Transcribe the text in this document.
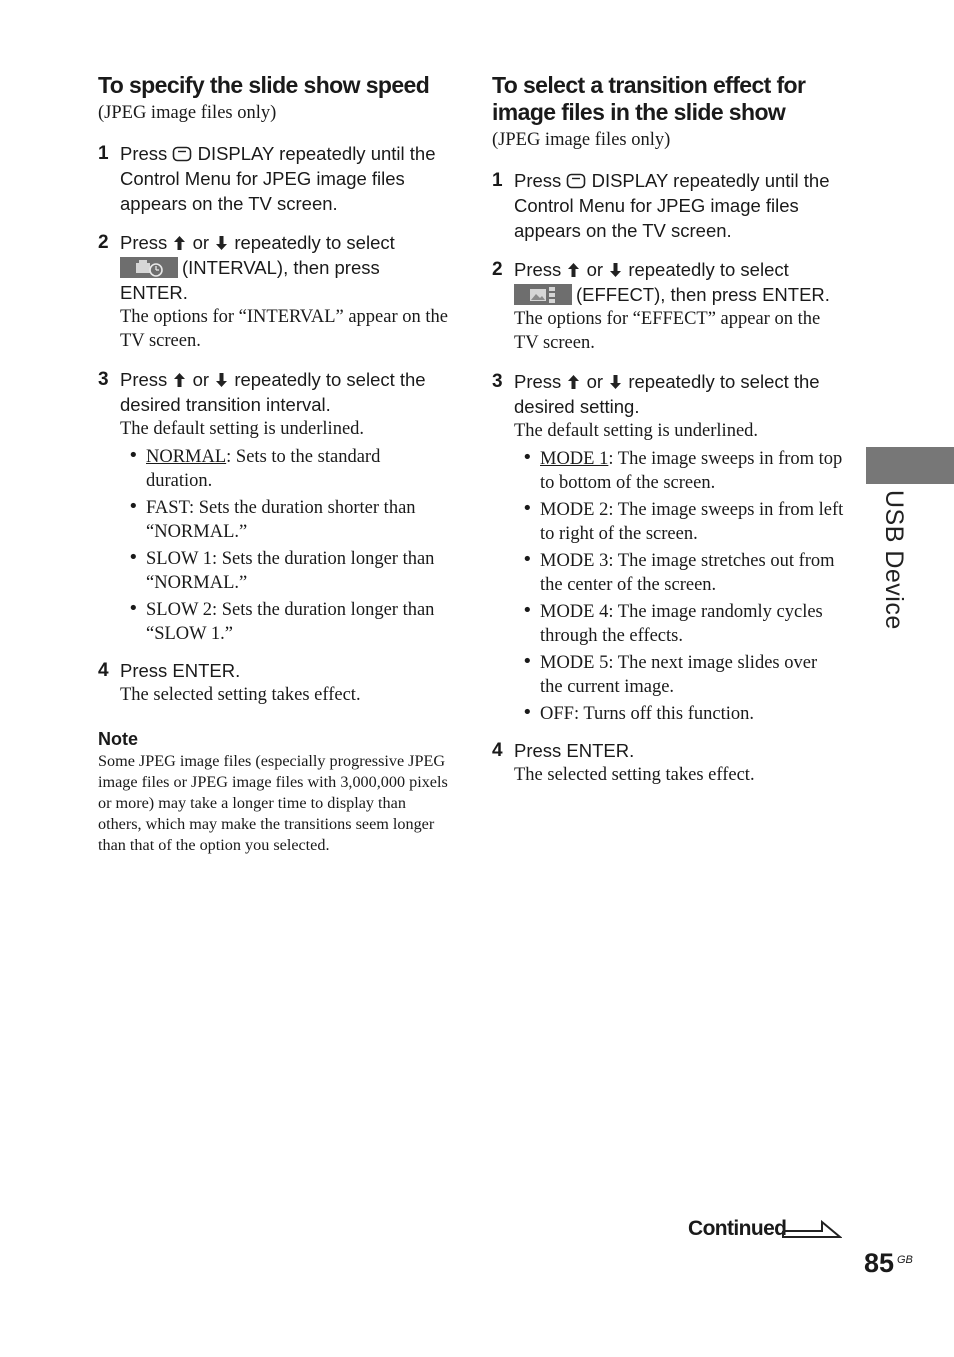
To specify the slide show speed
(JPEG image files only)
1 Press DISPLAY repeatedly until the Control Menu for JPEG image files appears on the TV screen.
2 Press or repeatedly to select
(INTERVAL), then press ENTER.
The options for “INTERVAL” appear on the TV screen.
3 Press or repeatedly to select the desired transition interval.
The default setting is underlined.
• NORMAL: Sets to the standard duration.
• FAST: Sets the duration shorter than “NORMAL.”
• SLOW 1: Sets the duration longer than “NORMAL.”
• SLOW 2: Sets the duration longer than “SLOW 1.”
4 Press ENTER.
The selected setting takes effect.
Note
Some JPEG image files (especially progressive JPEG image files or JPEG image files with 3,000,000 pixels or more) may take a longer time to display than others, which may make the transitions seem longer than that of the option you selected.
To select a transition effect for image files in the slide show
(JPEG image files only)
1 Press DISPLAY repeatedly until the Control Menu for JPEG image files appears on the TV screen.
2 Press or repeatedly to select
(EFFECT), then press ENTER.
The options for “EFFECT” appear on the TV screen.
3 Press or repeatedly to select the desired setting.
The default setting is underlined.
• MODE 1: The image sweeps in from top to bottom of the screen.
• MODE 2: The image sweeps in from left to right of the screen.
• MODE 3: The image stretches out from the center of the screen.
• MODE 4: The image randomly cycles through the effects.
• MODE 5: The next image slides over the current image.
• OFF: Turns off this function.
4 Press ENTER.
The selected setting takes effect.
USB Device
Continued
85 GB
